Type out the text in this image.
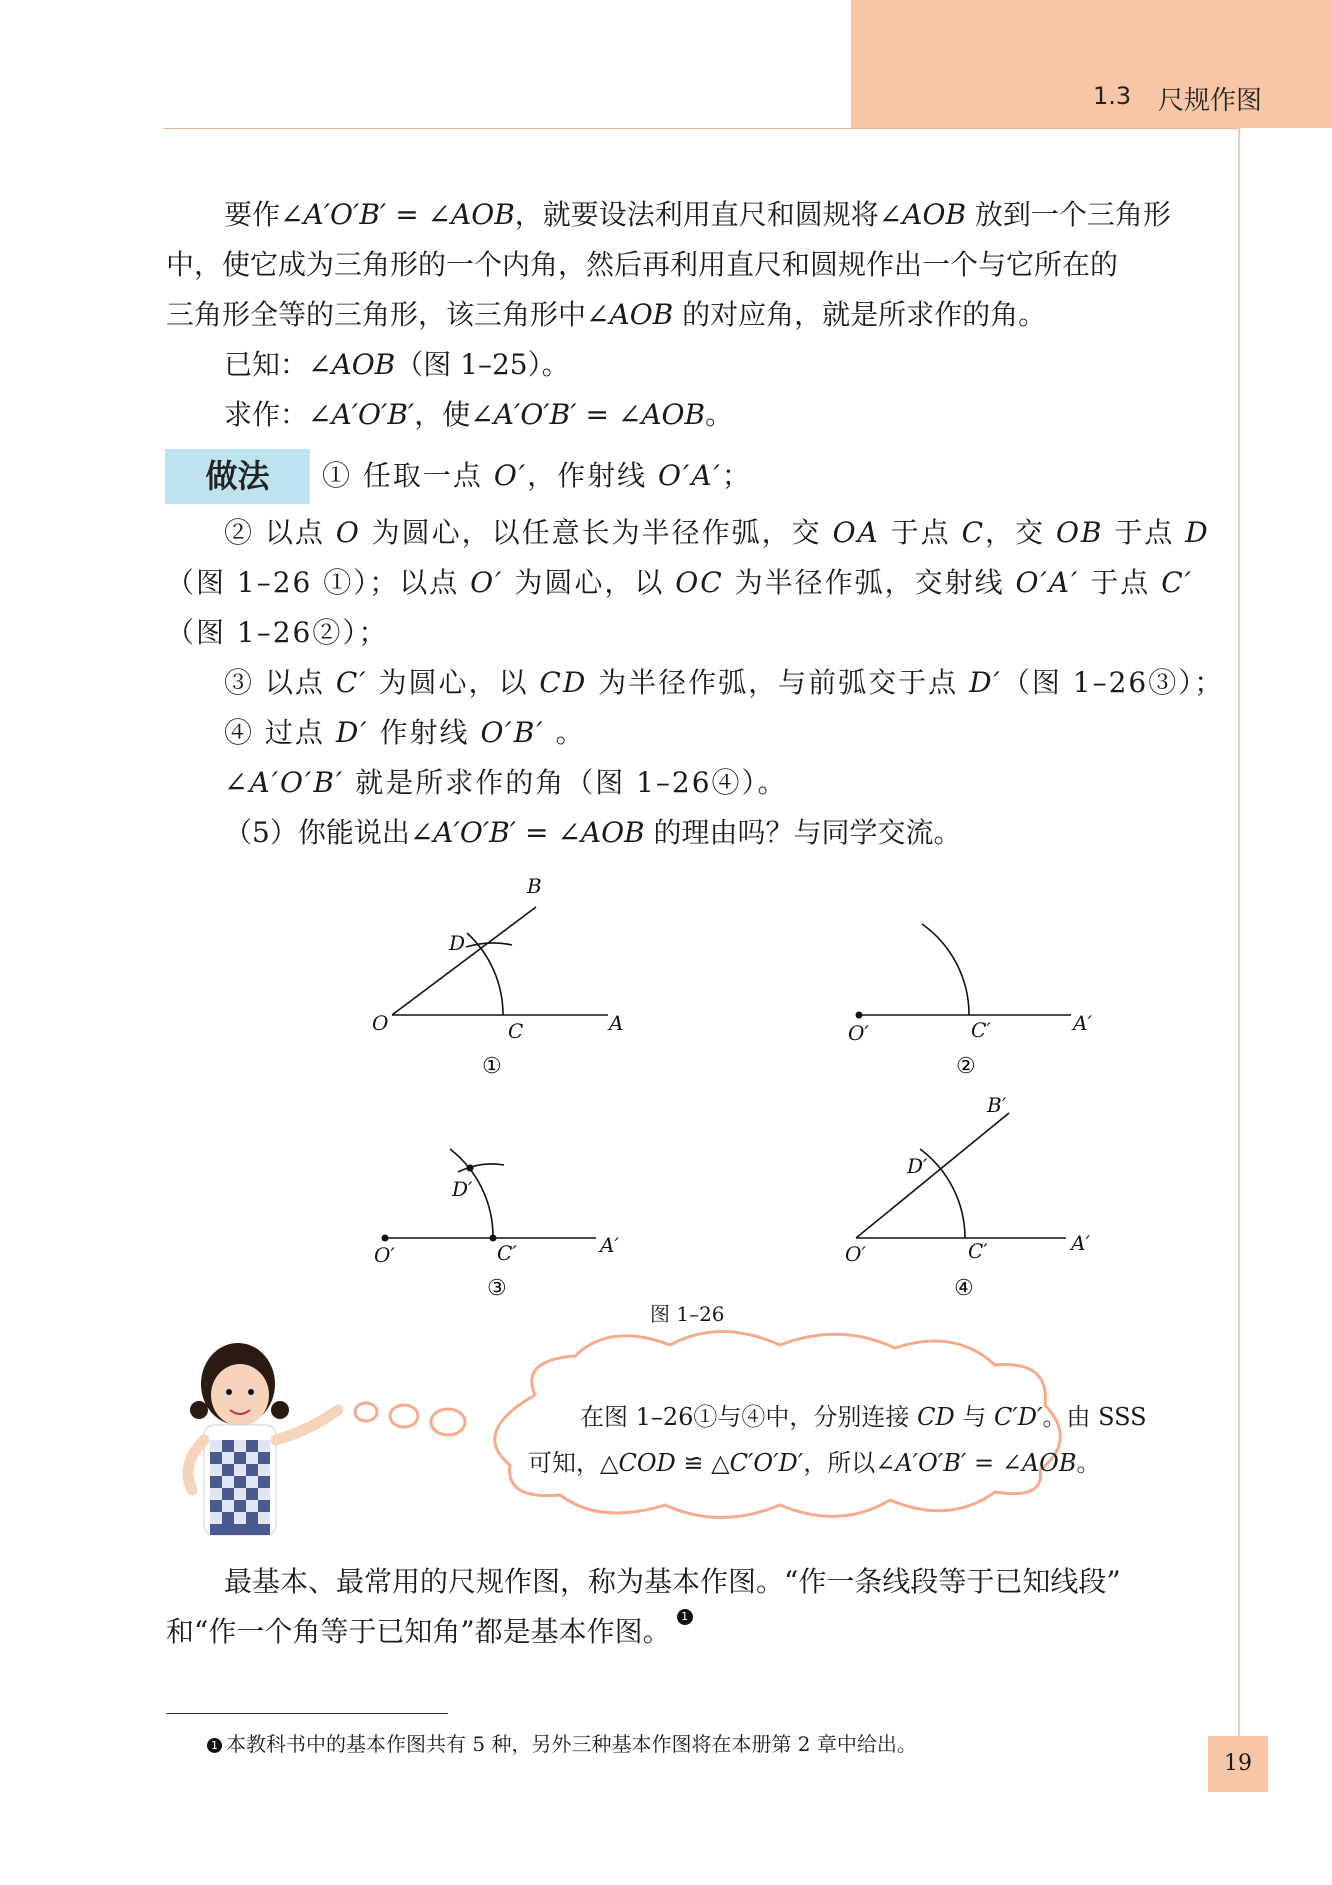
1.3 尺规作图
要作∠A′O′B′ = ∠AOB，就要设法利用直尺和圆规将∠AOB 放到一个三角形
中，使它成为三角形的一个内角，然后再利用直尺和圆规作出一个与它所在的
三角形全等的三角形，该三角形中∠AOB 的对应角，就是所求作的角。
已知：∠AOB（图 1–25）。
求作：∠A′O′B′，使∠A′O′B′ = ∠AOB。
做法	① 任取一点 O′，作射线 O′A′；
② 以点 O 为圆心，以任意长为半径作弧，交 OA 于点 C，交 OB 于点 D
（图 1–26 ①）；以点 O′ 为圆心，以 OC 为半径作弧，交射线 O′A′ 于点 C′
（图 1–26②）；
③ 以点 C′ 为圆心，以 CD 为半径作弧，与前弧交于点 D′（图 1–26③）；
④ 过点 D′ 作射线 O′B′ 。
∠A′O′B′ 就是所求作的角（图 1–26④）。
（5）你能说出∠A′O′B′ = ∠AOB 的理由吗？与同学交流。
B
D
O	C	A	O′	C′	A′
D′
O′	C′	A′
B′
D′
O′	C′	A′
①	②
③	④
图 1–26
在图 1–26①与④中，分别连接 CD 与 C′D′。由 SSS
可知，△COD ≌ △C′O′D′，所以∠A′O′B′ = ∠AOB。
最基本、最常用的尺规作图，称为基本作图。“作一条线段等于已知线段”
和“作一个角等于已知角”都是基本作图。 1
1 本教科书中的基本作图共有 5 种，另外三种基本作图将在本册第 2 章中给出。
19
